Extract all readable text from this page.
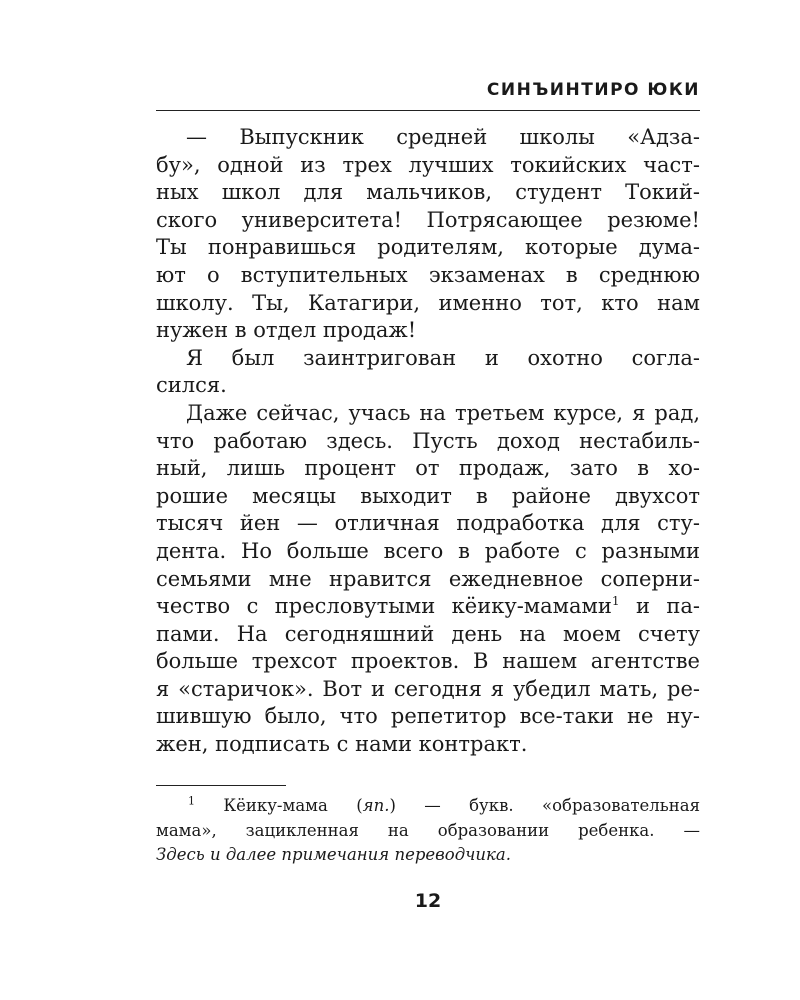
СИНЪИНТИРО ЮКИ
— Выпускник средней школы «Адза-
бу», одной из трех лучших токийских част-
ных школ для мальчиков, студент Токий-
ского университета! Потрясающее резюме!
Ты понравишься родителям, которые дума-
ют о вступительных экзаменах в среднюю
школу. Ты, Катагири, именно тот, кто нам
нужен в отдел продаж!
Я был заинтригован и охотно согла-
сился.
Даже сейчас, учась на третьем курсе, я рад,
что работаю здесь. Пусть доход нестабиль-
ный, лишь процент от продаж, зато в хо-
рошие месяцы выходит в районе двухсот
тысяч йен — отличная подработка для сту-
дента. Но больше всего в работе с разными
семьями мне нравится ежедневное соперни-
чество с пресловутыми кёику-мамами$^1$ и па-
пами. На сегодняшний день на моем счету
больше трехсот проектов. В нашем агентстве
я «старичок». Вот и сегодня я убедил мать, ре-
шившую было, что репетитор все-таки не ну-
жен, подписать с нами контракт.
$^1$ Кёику-мама (яп.) — букв. «образовательная
мама», зацикленная на образовании ребенка. —
Здесь и далее примечания переводчика.
12
